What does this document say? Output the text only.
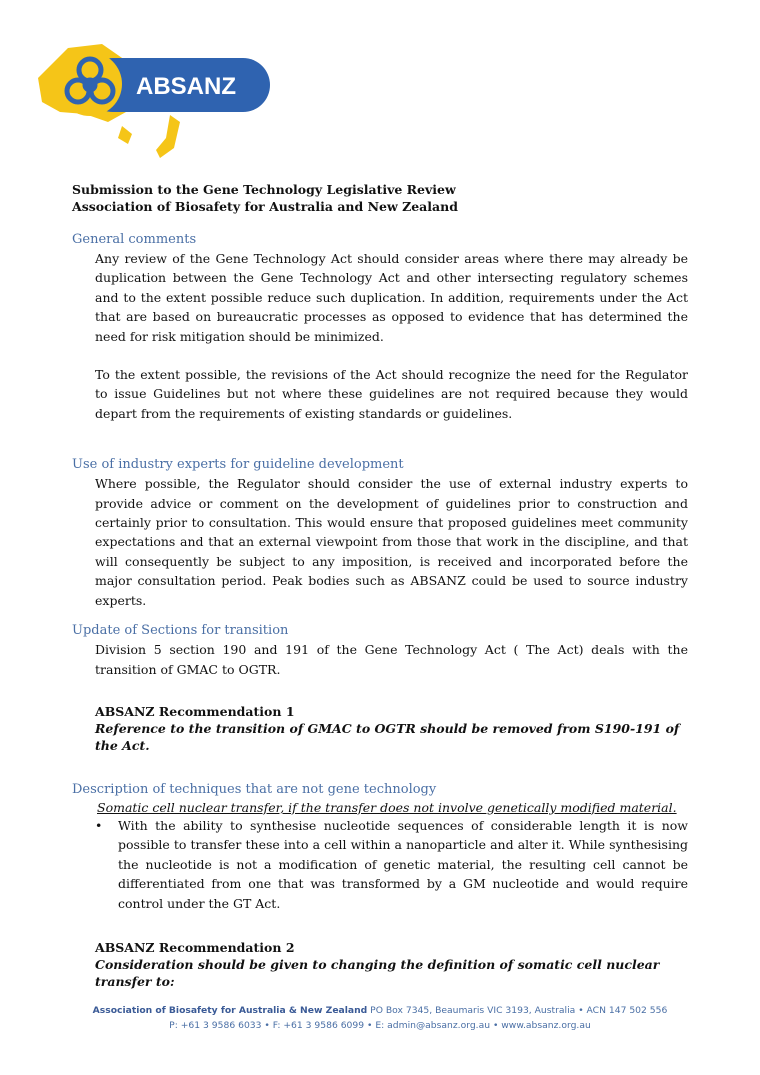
ABSANZ

Submission to the Gene Technology Legislative Review

Association of Biosafety for Australia and New Zealand

General comments

Any review of the Gene Technology Act should consider areas where there may already be duplication between the Gene Technology Act and other intersecting regulatory schemes and to the extent possible reduce such duplication. In addition, requirements under the Act that are based on bureaucratic processes as opposed to evidence that has determined the need for risk mitigation should be minimized.

To the extent possible, the revisions of the Act should recognize the need for the Regulator to issue Guidelines but not where these guidelines are not required because they would depart from the requirements of existing standards or guidelines.

Use of industry experts for guideline development

Where possible, the Regulator should consider the use of external industry experts to provide advice or comment on the development of guidelines prior to construction and certainly prior to consultation. This would ensure that proposed guidelines meet community expectations and that an external viewpoint from those that work in the discipline, and that will consequently be subject to any imposition, is received and incorporated before the major consultation period. Peak bodies such as ABSANZ could be used to source industry experts.

Update of Sections for transition

Division 5 section 190 and 191 of the Gene Technology Act ( The Act) deals with the transition of GMAC to OGTR.

ABSANZ Recommendation 1

Reference to the transition of GMAC to OGTR should be removed from S190-191 of the Act.

Description of techniques that are not gene technology

Somatic cell nuclear transfer, if the transfer does not involve genetically modified material.

•	With the ability to synthesise nucleotide sequences of considerable length it is now possible to transfer these into a cell within a nanoparticle and alter it. While synthesising the nucleotide is not a modification of genetic material, the resulting cell cannot be differentiated from one that was transformed by a GM nucleotide and would require control under the GT Act.

ABSANZ Recommendation 2

Consideration should be given to changing the definition of somatic cell nuclear transfer to:

Association of Biosafety for Australia & New Zealand PO Box 7345, Beaumaris VIC 3193, Australia • ACN 147 502 556
P: +61 3 9586 6033 • F: +61 3 9586 6099 • E: admin@absanz.org.au • www.absanz.org.au
